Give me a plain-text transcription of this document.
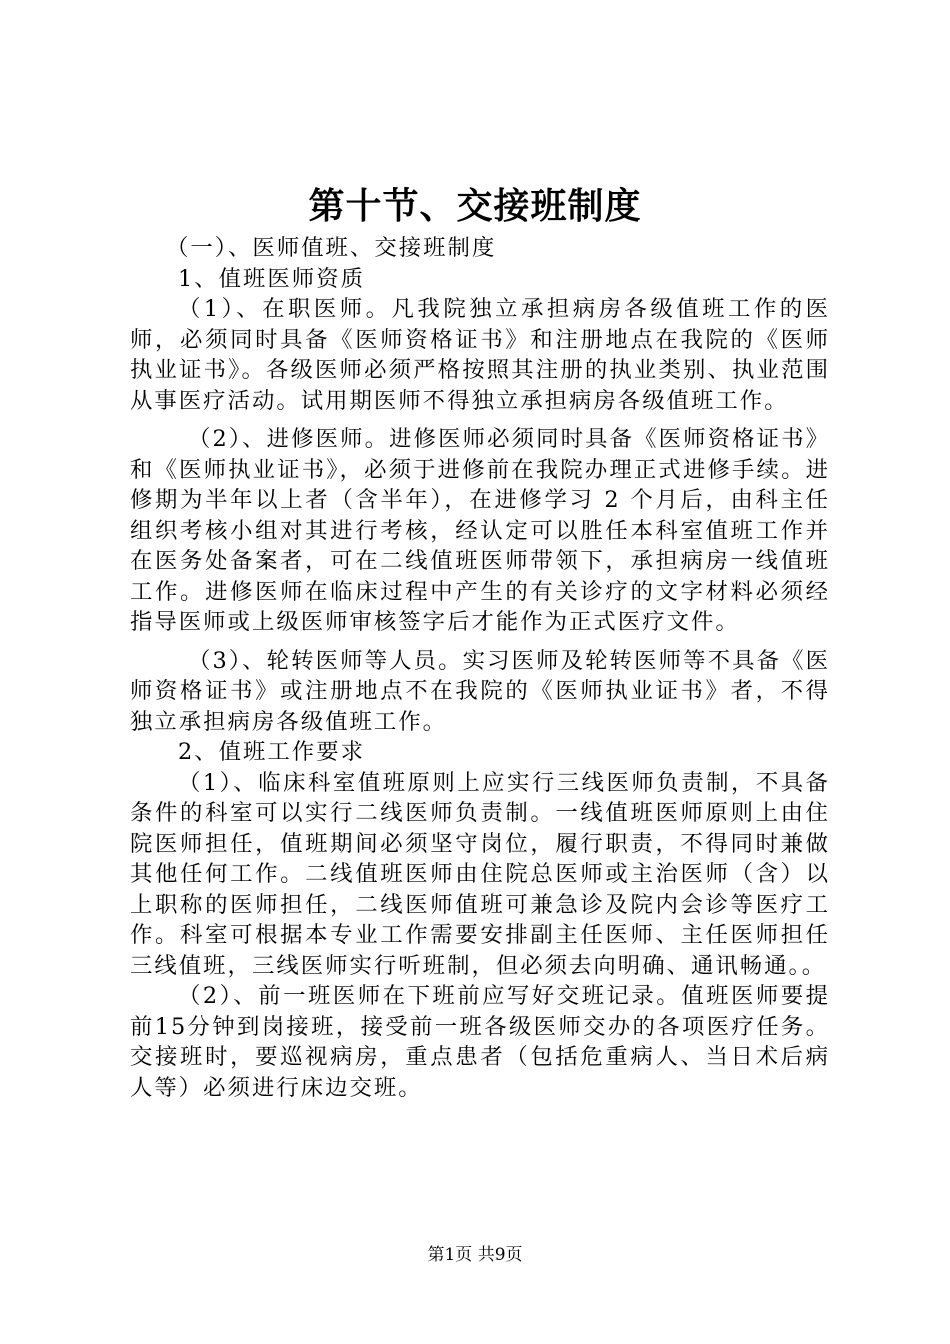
第十节、交接班制度

（一）、医师值班、交接班制度

1、值班医师资质

（1）、在职医师。凡我院独立承担病房各级值班工作的医师，必须同时具备《医师资格证书》和注册地点在我院的《医师执业证书》。各级医师必须严格按照其注册的执业类别、执业范围从事医疗活动。试用期医师不得独立承担病房各级值班工作。

（2）、进修医师。进修医师必须同时具备《医师资格证书》和《医师执业证书》，必须于进修前在我院办理正式进修手续。进修期为半年以上者（含半年），在进修学习 2 个月后，由科主任组织考核小组对其进行考核，经认定可以胜任本科室值班工作并在医务处备案者，可在二线值班医师带领下，承担病房一线值班工作。进修医师在临床过程中产生的有关诊疗的文字材料必须经指导医师或上级医师审核签字后才能作为正式医疗文件。

（3）、轮转医师等人员。实习医师及轮转医师等不具备《医师资格证书》或注册地点不在我院的《医师执业证书》者，不得独立承担病房各级值班工作。

2、值班工作要求

（1）、临床科室值班原则上应实行三线医师负责制，不具备条件的科室可以实行二线医师负责制。一线值班医师原则上由住院医师担任，值班期间必须坚守岗位，履行职责，不得同时兼做其他任何工作。二线值班医师由住院总医师或主治医师（含）以上职称的医师担任，二线医师值班可兼急诊及院内会诊等医疗工作。科室可根据本专业工作需要安排副主任医师、主任医师担任三线值班，三线医师实行听班制，但必须去向明确、通讯畅通。。

（2）、前一班医师在下班前应写好交班记录。值班医师要提前15分钟到岗接班，接受前一班各级医师交办的各项医疗任务。交接班时，要巡视病房，重点患者（包括危重病人、当日术后病人等）必须进行床边交班。

第1页 共9页
